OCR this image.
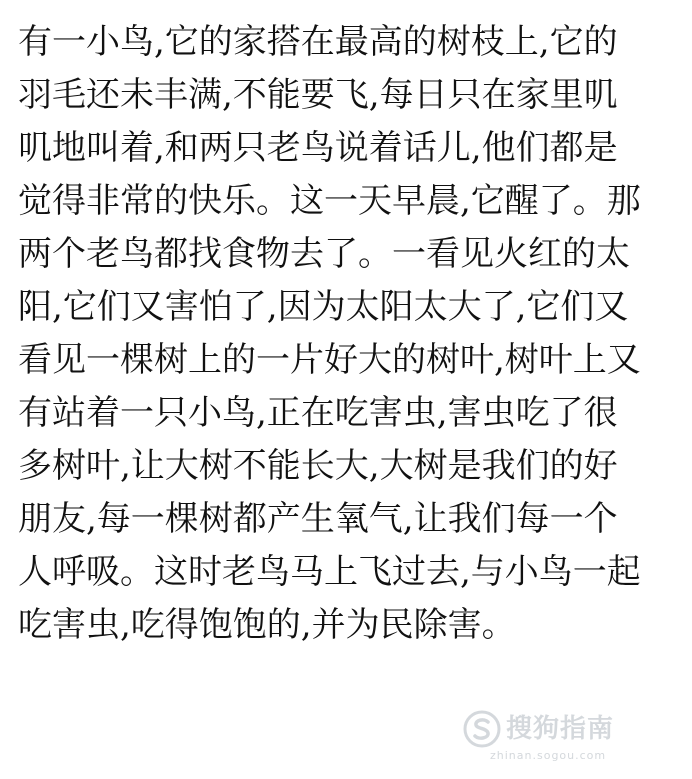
有一小鸟,它的家搭在最高的树枝上,它的
羽毛还未丰满,不能要飞,每日只在家里叽
叽地叫着,和两只老鸟说着话儿,他们都是
觉得非常的快乐。这一天早晨,它醒了。那
两个老鸟都找食物去了。一看见火红的太
阳,它们又害怕了,因为太阳太大了,它们又
看见一棵树上的一片好大的树叶,树叶上又
有站着一只小鸟,正在吃害虫,害虫吃了很
多树叶,让大树不能长大,大树是我们的好
朋友,每一棵树都产生氧气,让我们每一个
人呼吸。这时老鸟马上飞过去,与小鸟一起
吃害虫,吃得饱饱的,并为民除害。
搜狗指南
zhinan.sogou.com
